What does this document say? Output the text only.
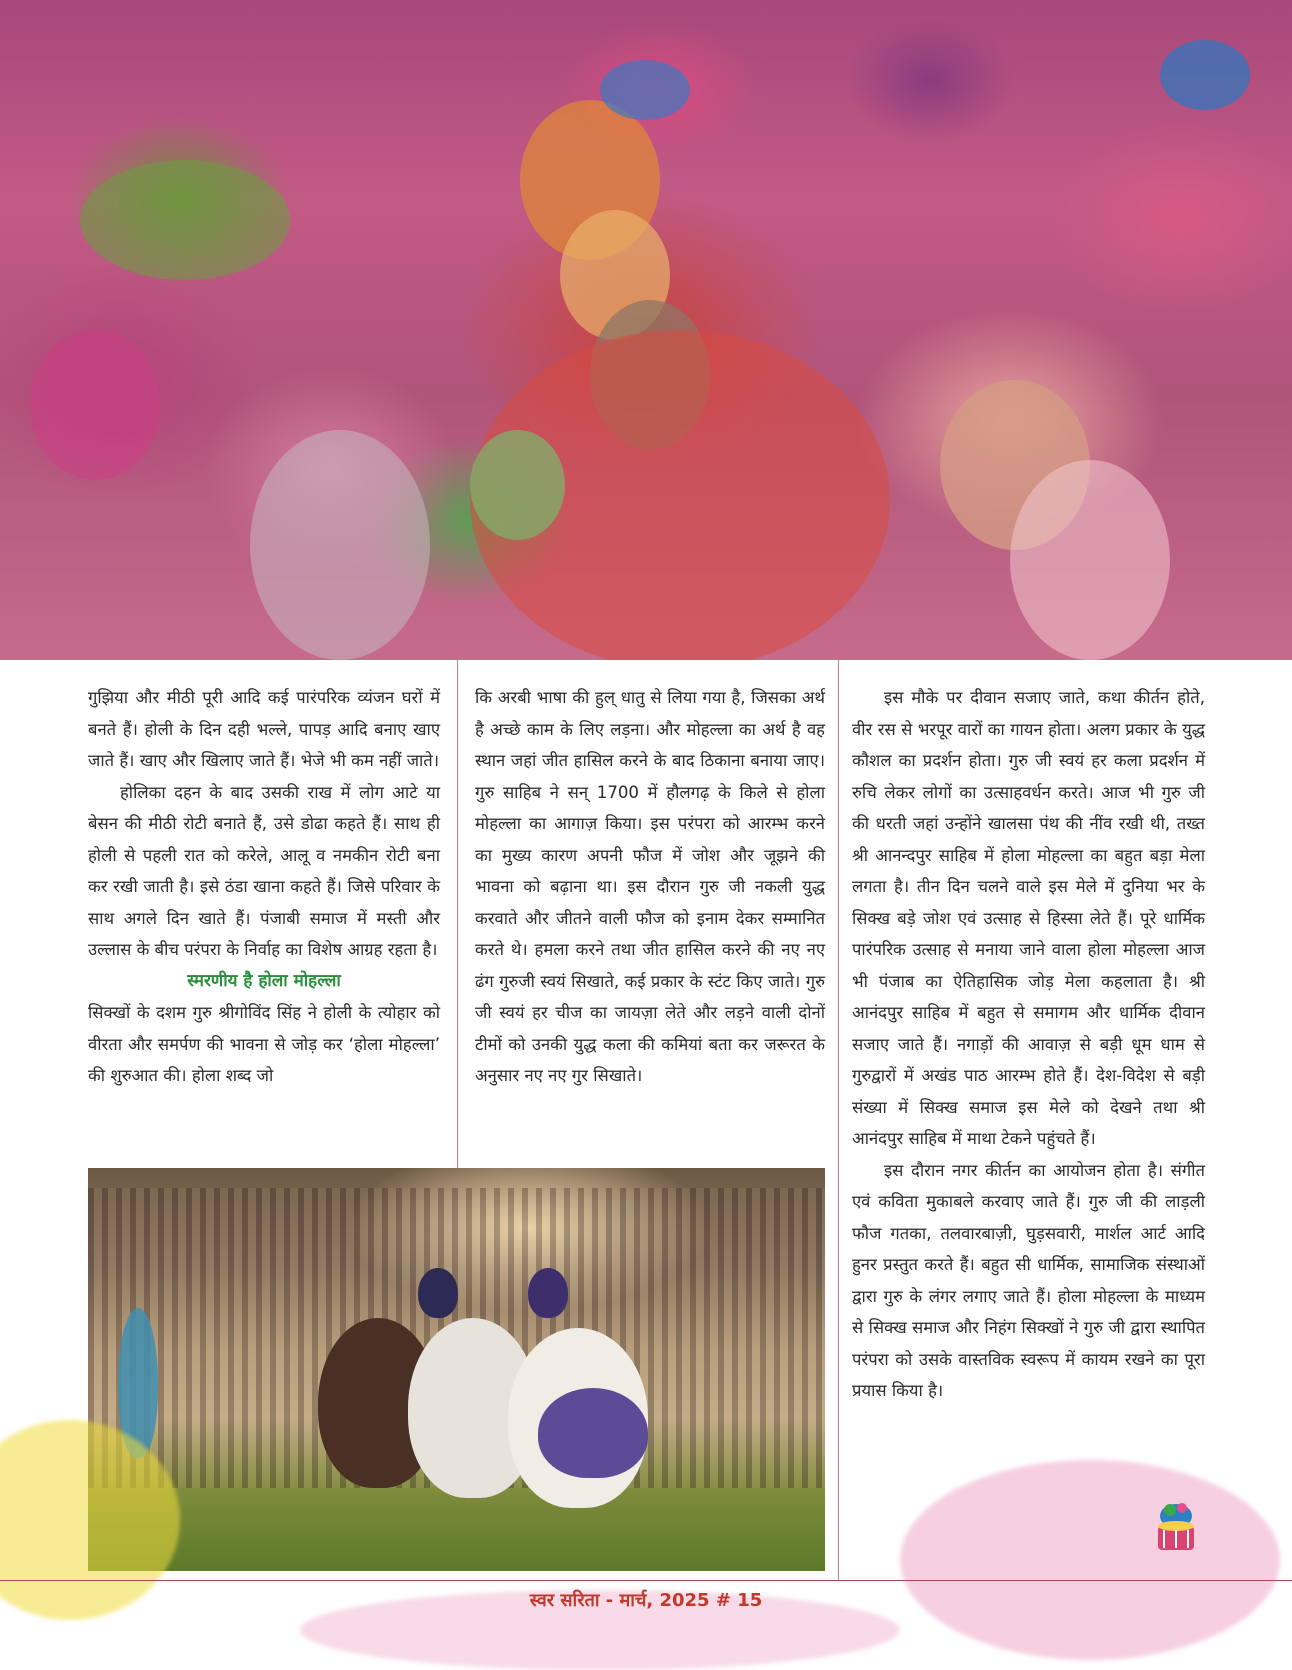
गुझिया और मीठी पूरी आदि कई पारंपरिक व्यंजन घरों में बनते हैं। होली के दिन दही भल्ले, पापड़ आदि बनाए खाए जाते हैं। खाए और खिलाए जाते हैं। भेजे भी कम नहीं जाते।

होलिका दहन के बाद उसकी राख में लोग आटे या बेसन की मीठी रोटी बनाते हैं, उसे डोढा कहते हैं। साथ ही होली से पहली रात को करेले, आलू व नमकीन रोटी बना कर रखी जाती है। इसे ठंडा खाना कहते हैं। जिसे परिवार के साथ अगले दिन खाते हैं। पंजाबी समाज में मस्ती और उल्लास के बीच परंपरा के निर्वाह का विशेष आग्रह रहता है।

स्मरणीय है होला मोहल्ला

सिक्खों के दशम गुरु श्रीगोविंद सिंह ने होली के त्योहार को वीरता और समर्पण की भावना से जोड़ कर ‘होला मोहल्ला’ की शुरुआत की। होला शब्द जो

कि अरबी भाषा की हुल् धातु से लिया गया है, जिसका अर्थ है अच्छे काम के लिए लड़ना। और मोहल्ला का अर्थ है वह स्थान जहां जीत हासिल करने के बाद ठिकाना बनाया जाए। गुरु साहिब ने सन् 1700 में हौलगढ़ के किले से होला मोहल्ला का आगाज़ किया। इस परंपरा को आरम्भ करने का मुख्य कारण अपनी फौज में जोश और जूझने की भावना को बढ़ाना था। इस दौरान गुरु जी नकली युद्ध करवाते और जीतने वाली फौज को इनाम देकर सम्मानित करते थे। हमला करने तथा जीत हासिल करने की नए नए ढंग गुरुजी स्वयं सिखाते, कई प्रकार के स्टंट किए जाते। गुरु जी स्वयं हर चीज का जायज़ा लेते और लड़ने वाली दोनों टीमों को उनकी युद्ध कला की कमियां बता कर जरूरत के अनुसार नए नए गुर सिखाते।

इस मौके पर दीवान सजाए जाते, कथा कीर्तन होते, वीर रस से भरपूर वारों का गायन होता। अलग प्रकार के युद्ध कौशल का प्रदर्शन होता। गुरु जी स्वयं हर कला प्रदर्शन में रुचि लेकर लोगों का उत्साहवर्धन करते। आज भी गुरु जी की धरती जहां उन्होंने खालसा पंथ की नींव रखी थी, तख्त श्री आनन्दपुर साहिब में होला मोहल्ला का बहुत बड़ा मेला लगता है। तीन दिन चलने वाले इस मेले में दुनिया भर के सिक्ख बड़े जोश एवं उत्साह से हिस्सा लेते हैं। पूरे धार्मिक पारंपरिक उत्साह से मनाया जाने वाला होला मोहल्ला आज भी पंजाब का ऐतिहासिक जोड़ मेला कहलाता है। श्री आनंदपुर साहिब में बहुत से समागम और धार्मिक दीवान सजाए जाते हैं। नगाड़ों की आवाज़ से बड़ी धूम धाम से गुरुद्वारों में अखंड पाठ आरम्भ होते हैं। देश-विदेश से बड़ी संख्या में सिक्ख समाज इस मेले को देखने तथा श्री आनंदपुर साहिब में माथा टेकने पहुंचते हैं।

इस दौरान नगर कीर्तन का आयोजन होता है। संगीत एवं कविता मुकाबले करवाए जाते हैं। गुरु जी की लाड़ली फौज गतका, तलवारबाज़ी, घुड़सवारी, मार्शल आर्ट आदि हुनर प्रस्तुत करते हैं। बहुत सी धार्मिक, सामाजिक संस्थाओं द्वारा गुरु के लंगर लगाए जाते हैं। होला मोहल्ला के माध्यम से सिक्ख समाज और निहंग सिक्खों ने गुरु जी द्वारा स्थापित परंपरा को उसके वास्तविक स्वरूप में कायम रखने का पूरा प्रयास किया है।

स्वर सरिता - मार्च, 2025 # 15
